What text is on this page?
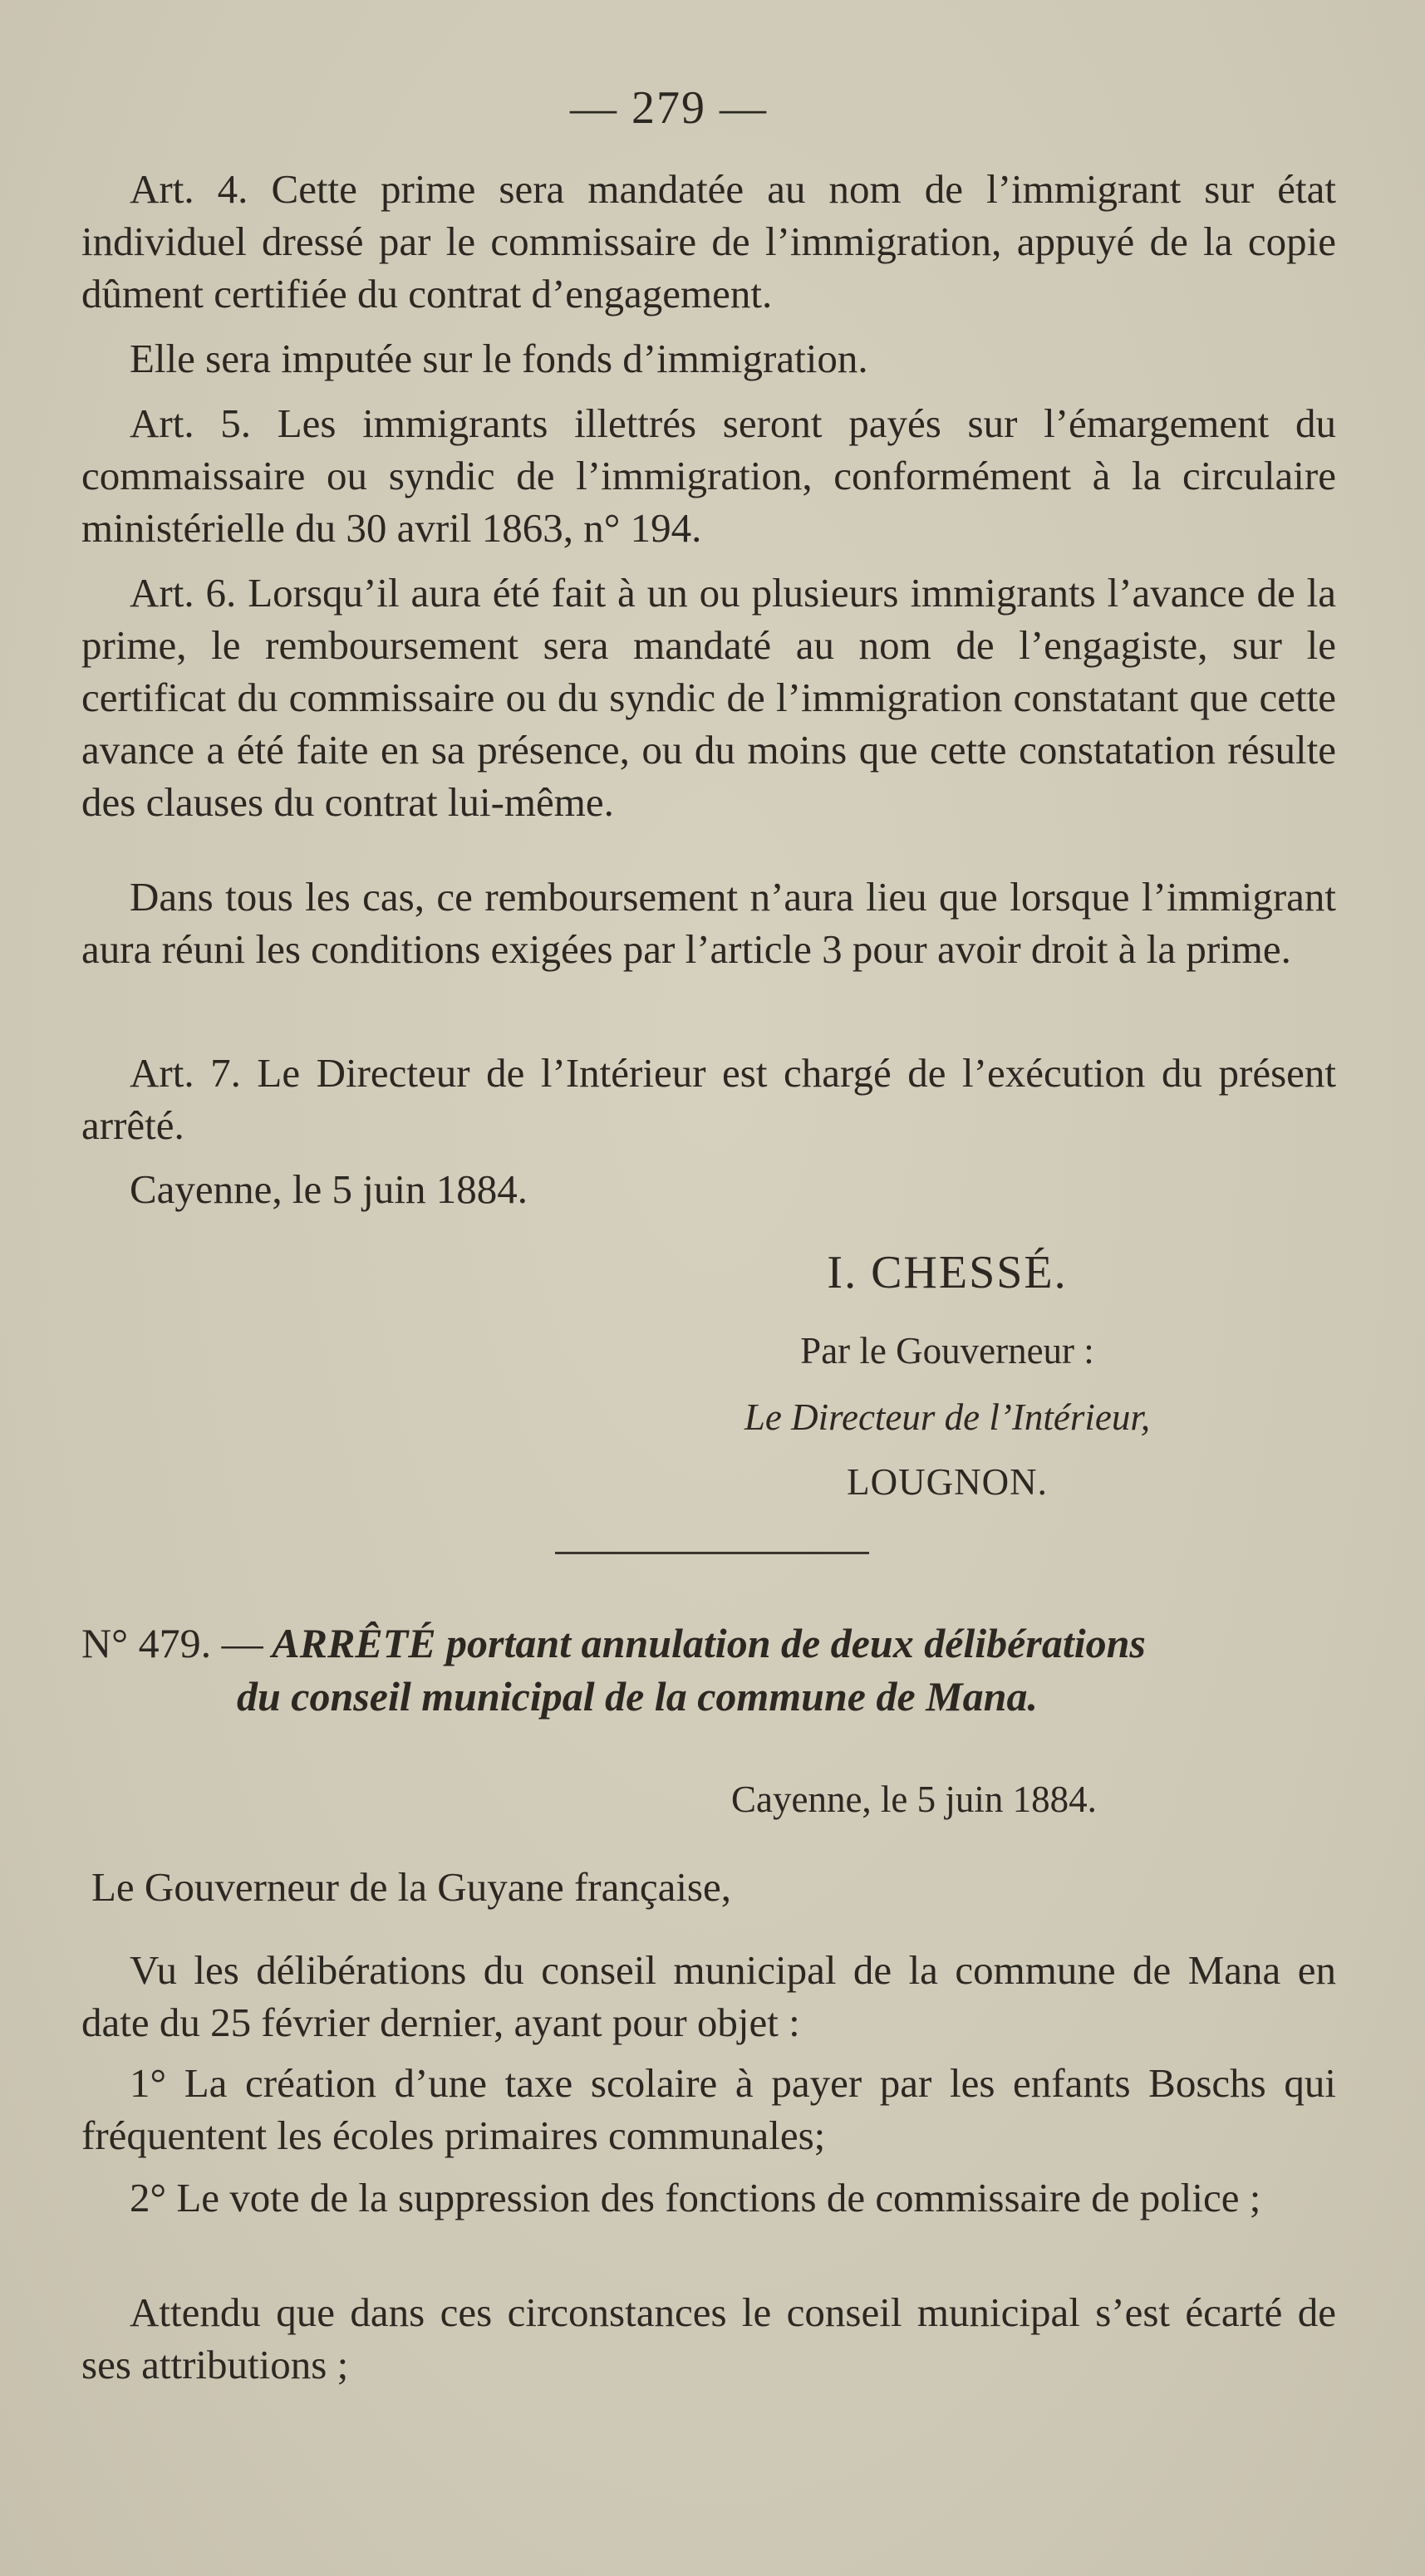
— 279 —

Art. 4. Cette prime sera mandatée au nom de l’immigrant sur état individuel dressé par le commissaire de l’immigration, appuyé de la copie dûment certifiée du contrat d’engagement.

Elle sera imputée sur le fonds d’immigration.

Art. 5. Les immigrants illettrés seront payés sur l’émargement du commaissaire ou syndic de l’immigration, conformément à la circulaire ministérielle du 30 avril 1863, n° 194.

Art. 6. Lorsqu’il aura été fait à un ou plusieurs immigrants l’avance de la prime, le remboursement sera mandaté au nom de l’engagiste, sur le certificat du commissaire ou du syndic de l’immigration constatant que cette avance a été faite en sa présence, ou du moins que cette constatation résulte des clauses du contrat lui-même.

Dans tous les cas, ce remboursement n’aura lieu que lorsque l’immigrant aura réuni les conditions exigées par l’article 3 pour avoir droit à la prime.

Art. 7. Le Directeur de l’Intérieur est chargé de l’exécution du présent arrêté.

Cayenne, le 5 juin 1884.

I. CHESSÉ.
Par le Gouverneur :
Le Directeur de l’Intérieur,
LOUGNON.
N° 479. — ARRÊTÉ portant annulation de deux délibérations
du conseil municipal de la commune de Mana.
Cayenne, le 5 juin 1884.
Le Gouverneur de la Guyane française,

Vu les délibérations du conseil municipal de la commune de Mana en date du 25 février dernier, ayant pour objet :

1° La création d’une taxe scolaire à payer par les enfants Boschs qui fréquentent les écoles primaires communales;

2° Le vote de la suppression des fonctions de commissaire de police ;

Attendu que dans ces circonstances le conseil municipal s’est écarté de ses attributions ;
